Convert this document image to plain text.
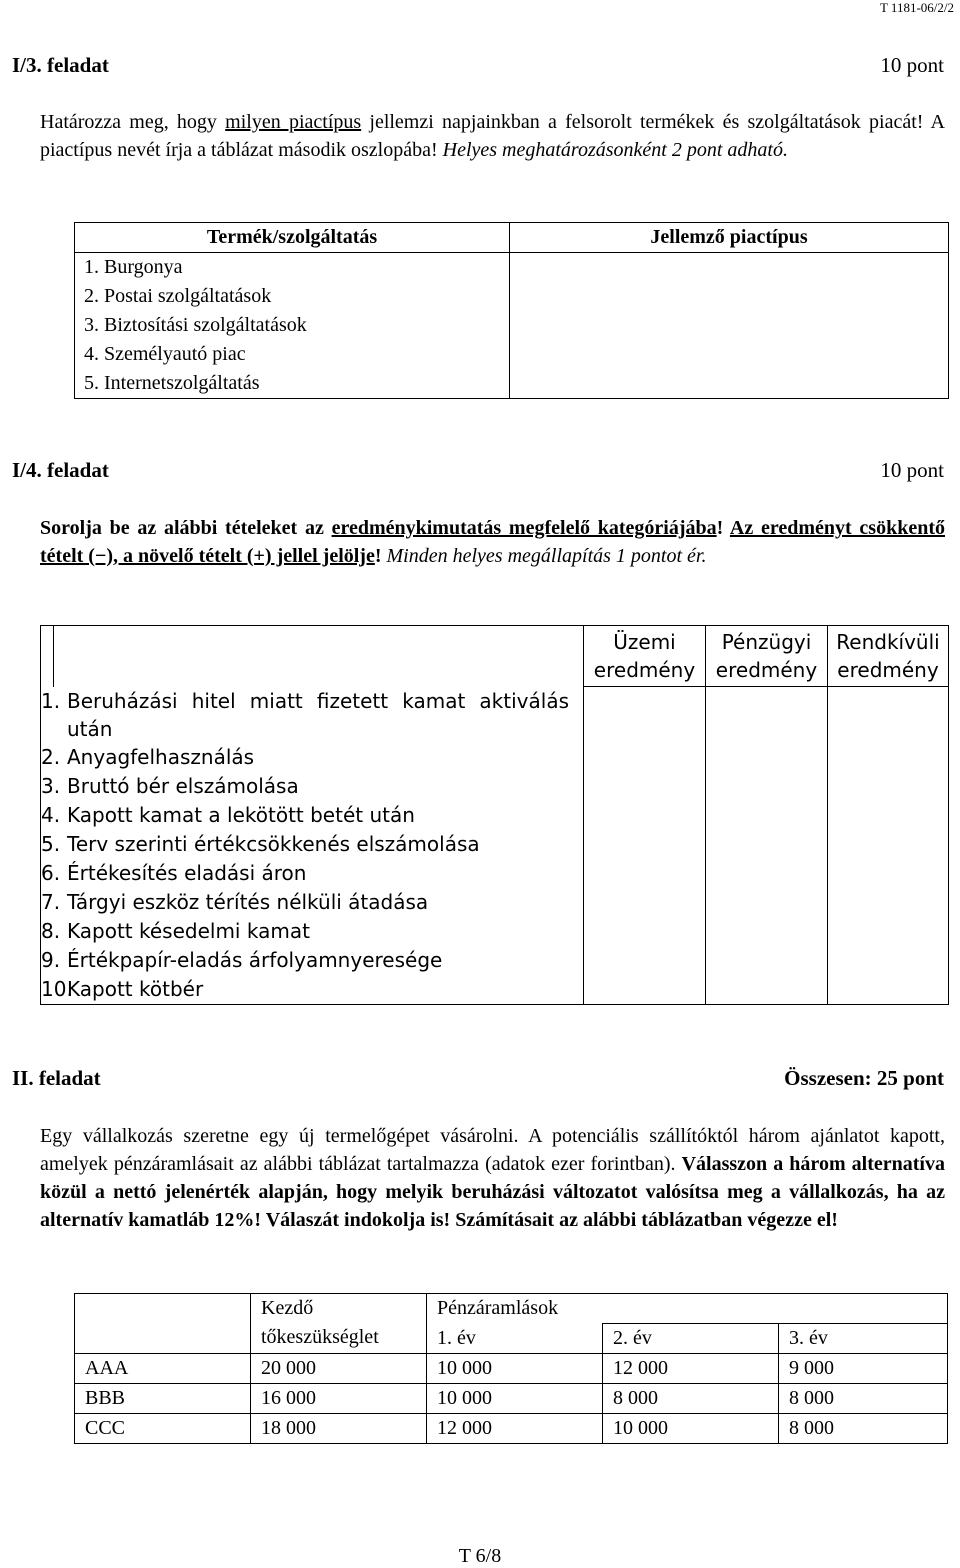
T 1181-06/2/2
I/3. feladat	10 pont
Határozza meg, hogy milyen piactípus jellemzi napjainkban a felsorolt termékek és szolgáltatások piacát! A piactípus nevét írja a táblázat második oszlopába! Helyes meghatározásonként 2 pont adható.
Termék/szolgáltatás	Jellemző piactípus
1. Burgonya	
2. Postai szolgáltatások	
3. Biztosítási szolgáltatások	
4. Személyautó piac	
5. Internetszolgáltatás	
I/4. feladat	10 pont
Sorolja be az alábbi tételeket az eredménykimutatás megfelelő kategóriájába! Az eredményt csökkentő tételt (−), a növelő tételt (+) jellel jelölje! Minden helyes megállapítás 1 pontot ér.
		Üzemi eredmény	Pénzügyi eredmény	Rendkívüli eredmény

1. Beruházási hitel miatt fizetett kamat aktiválás után				

2. Anyagfelhasználás				
3. Bruttó bér elszámolása				
4. Kapott kamat a lekötött betét után				
5. Terv szerinti értékcsökkenés elszámolása				
6. Értékesítés eladási áron				
7. Tárgyi eszköz térítés nélküli átadása				
8. Kapott késedelmi kamat				
9. Értékpapír-eladás árfolyamnyeresége				
10.Kapott kötbér				
II. feladat	Összesen: 25 pont
Egy vállalkozás szeretne egy új termelőgépet vásárolni. A potenciális szállítóktól három ajánlatot kapott, amelyek pénzáramlásait az alábbi táblázat tartalmazza (adatok ezer forintban). Válasszon a három alternatíva közül a nettó jelenérték alapján, hogy melyik beruházási változatot valósítsa meg a vállalkozás, ha az alternatív kamatláb 12%! Válaszát indokolja is! Számításait az alábbi táblázatban végezze el!
	Kezdő tőkeszükséglet	Pénzáramlások		
		1. év	2. év	3. év
AAA	20 000	10 000	12 000	9 000
BBB	16 000	10 000	8 000	8 000
CCC	18 000	12 000	10 000	8 000
T 6/8
